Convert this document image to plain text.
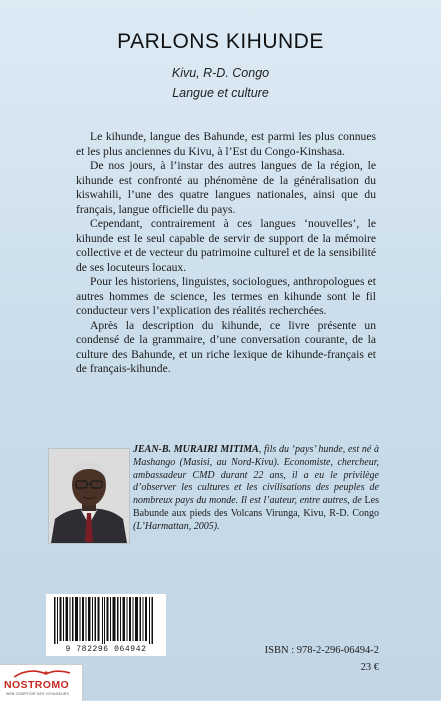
PARLONS KIHUNDE
Kivu, R-D. Congo
Langue et culture

Le kihunde, langue des Bahunde, est parmi les plus connues et les plus anciennes du Kivu, à l’Est du Congo-Kinshasa.

De nos jours, à l’instar des autres langues de la région, le kihunde est confronté au phénomène de la généralisation du kiswahili, l’une des quatre langues nationales, ainsi que du français, langue officielle du pays.

Cependant, contrairement à ces langues ‘nouvelles’, le kihunde est le seul capable de servir de support de la mémoire collective et de vecteur du patrimoine culturel et de la sensibilité de ses locuteurs locaux.

Pour les historiens, linguistes, sociologues, anthropologues et autres hommes de science, les termes en kihunde sont le fil conducteur vers l’explication des réalités recherchées.

Après la description du kihunde, ce livre présente un condensé de la grammaire, d’une conversation courante, de la culture des Bahunde, et un riche lexique de kihunde-français et de français-kihunde.

JEAN-B. MURAIRI MITIMA, fils du ‘pays’ hunde, est né à Mashango (Masisi, au Nord-Kivu). Economiste, chercheur, ambassadeur CMD durant 22 ans, il a eu le privilège d’observer les cultures et les civilisations des peuples de nombreux pays du monde. Il est l’auteur, entre autres, de Les Babunde aux pieds des Volcans Virunga, Kivu, R-D. Congo (L’Harmattan, 2005).
9 782296 064942	ISBN : 978-2-296-06494-2
23 €
NOSTROMO
WEB COMPTOIR DES VOYAGEURS
